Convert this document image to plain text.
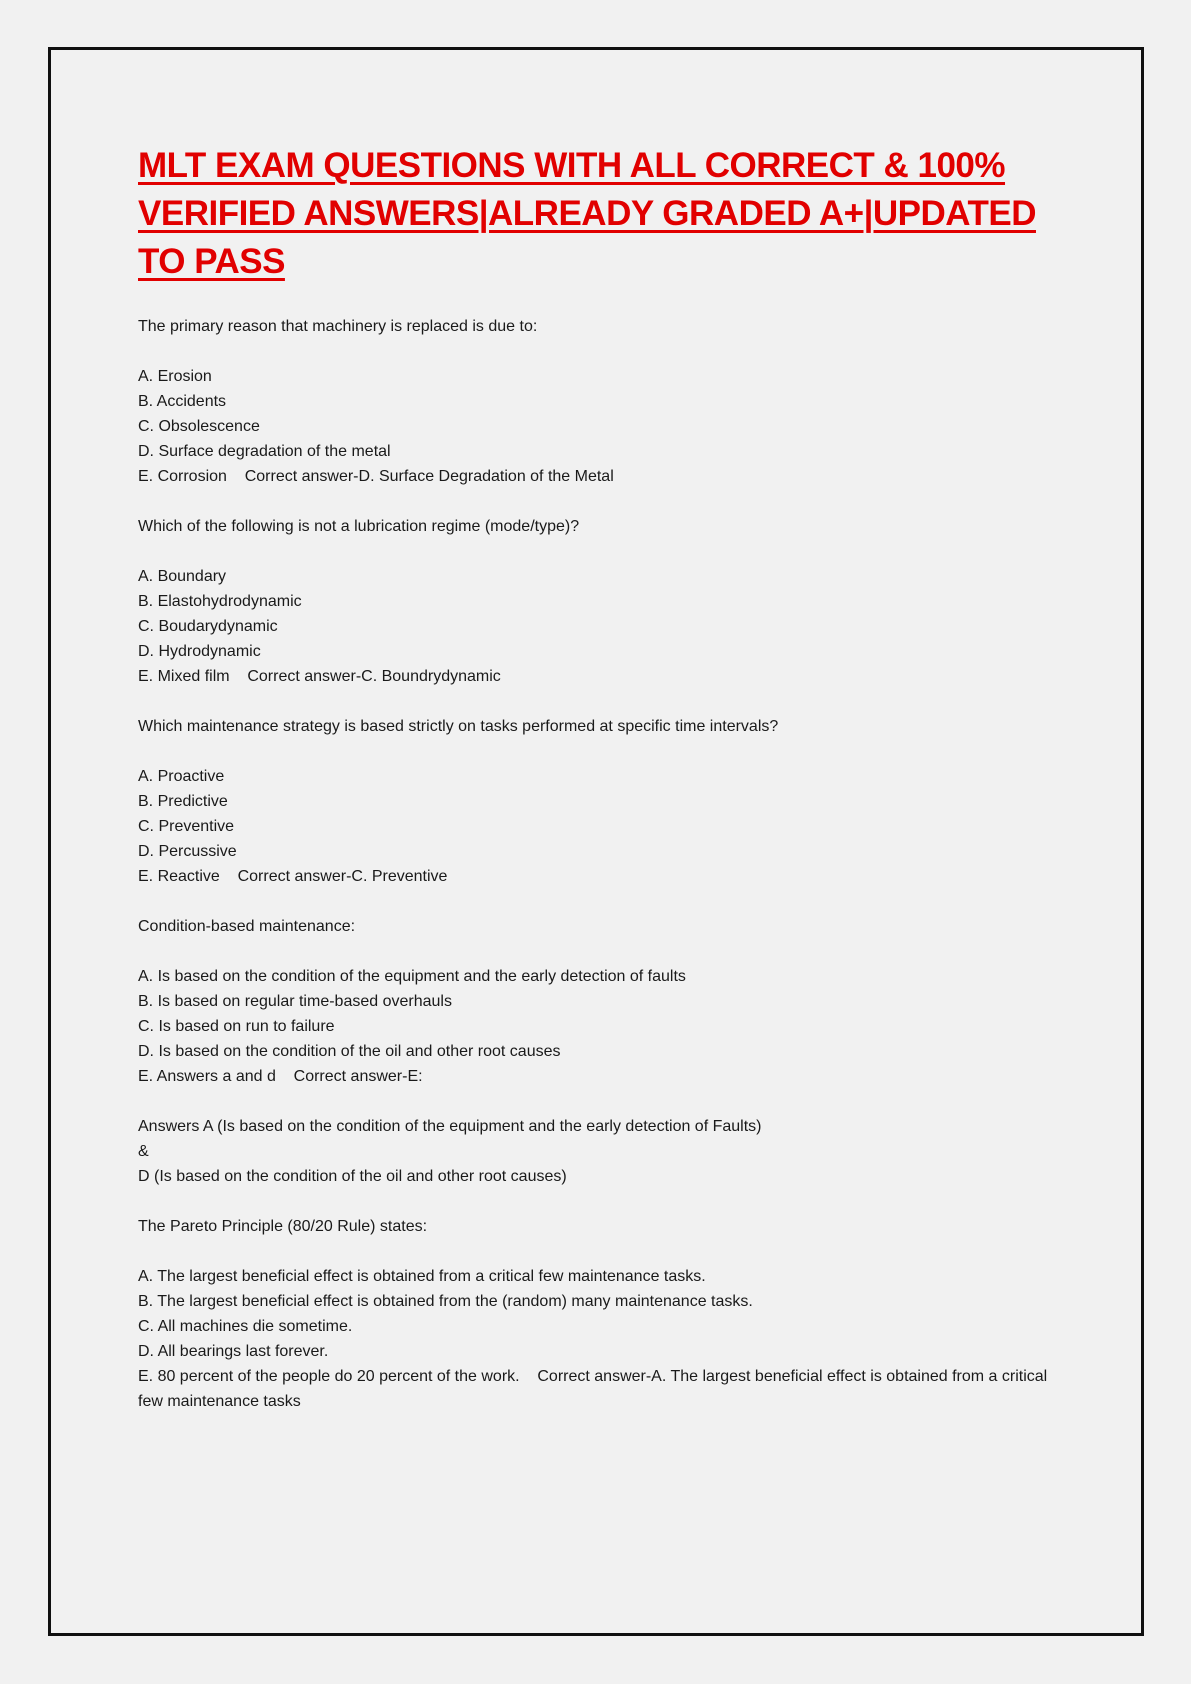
MLT EXAM QUESTIONS WITH ALL CORRECT & 100%
VERIFIED ANSWERS|ALREADY GRADED A+|UPDATED
TO PASS

The primary reason that machinery is replaced is due to:

A. Erosion
B. Accidents
C. Obsolescence
D. Surface degradation of the metal
E. Corrosion    Correct answer-D. Surface Degradation of the Metal

Which of the following is not a lubrication regime (mode/type)?

A. Boundary
B. Elastohydrodynamic
C. Boudarydynamic
D. Hydrodynamic
E. Mixed film    Correct answer-C. Boundrydynamic

Which maintenance strategy is based strictly on tasks performed at specific time intervals?

A. Proactive
B. Predictive
C. Preventive
D. Percussive
E. Reactive    Correct answer-C. Preventive

Condition-based maintenance:

A. Is based on the condition of the equipment and the early detection of faults
B. Is based on regular time-based overhauls
C. Is based on run to failure
D. Is based on the condition of the oil and other root causes
E. Answers a and d    Correct answer-E:
Answers A (Is based on the condition of the equipment and the early detection of Faults)
&
D (Is based on the condition of the oil and other root causes)

The Pareto Principle (80/20 Rule) states:

A. The largest beneficial effect is obtained from a critical few maintenance tasks.
B. The largest beneficial effect is obtained from the (random) many maintenance tasks.
C. All machines die sometime.
D. All bearings last forever.
E. 80 percent of the people do 20 percent of the work.    Correct answer-A. The largest beneficial effect is obtained from a critical few maintenance tasks
